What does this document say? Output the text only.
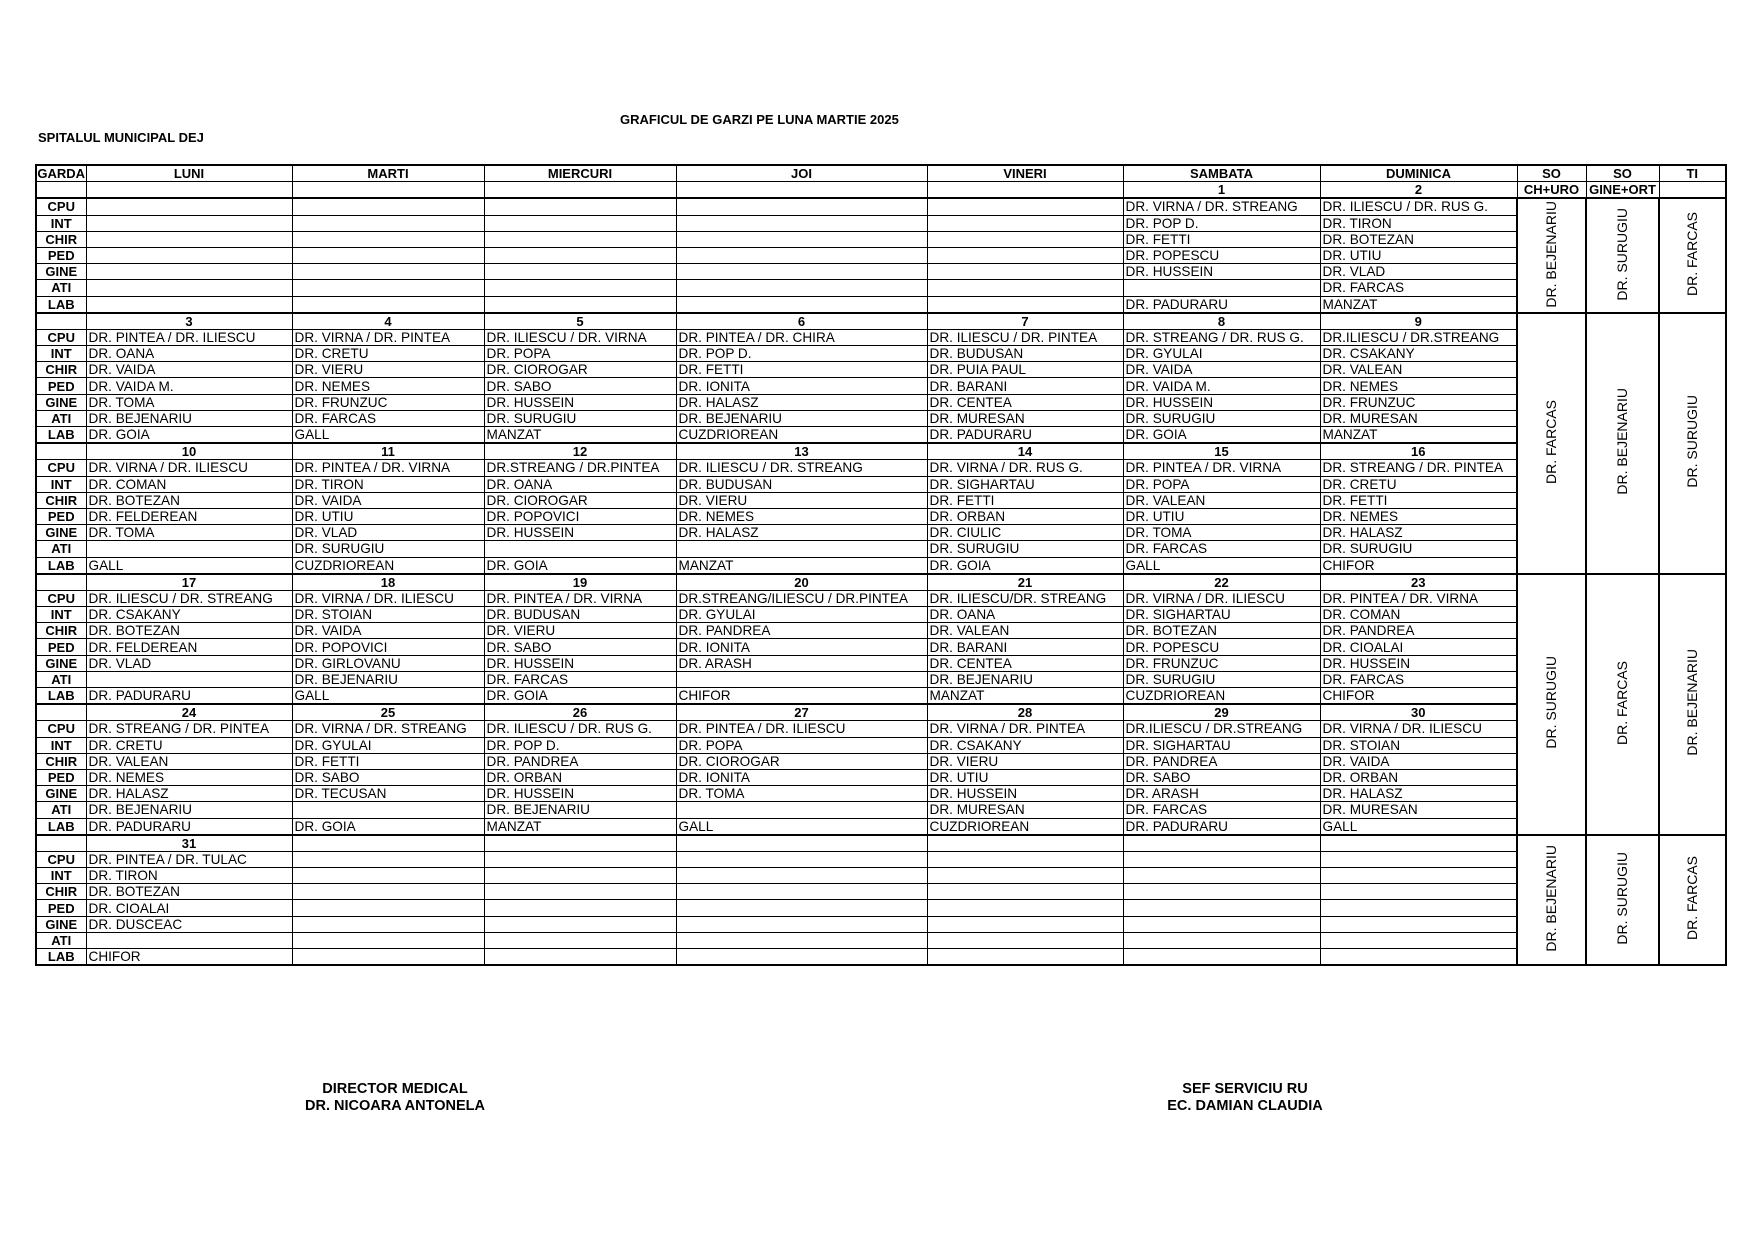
GRAFICUL DE GARZI PE LUNA MARTIE 2025
SPITALUL MUNICIPAL DEJ
GARDA	LUNI	MARTI	MIERCURI	JOI	VINERI	SAMBATA	DUMINICA	SO	SO	TI
						1	2	CH+URO	GINE+ORT	
CPU						DR. VIRNA / DR. STREANG	DR. ILIESCU / DR. RUS G.	DR. BEJENARIU	DR. SURUGIU	DR. FARCAS
INT						DR. POP D.	DR. TIRON			
CHIR						DR. FETTI	DR. BOTEZAN			
PED						DR. POPESCU	DR. UTIU			
GINE						DR. HUSSEIN	DR. VLAD			
ATI							DR. FARCAS			
LAB						DR. PADURARU	MANZAT			
	3	4	5	6	7	8	9	DR. FARCAS	DR. BEJENARIU	DR. SURUGIU
CPU	DR. PINTEA / DR. ILIESCU	DR. VIRNA / DR. PINTEA	DR. ILIESCU / DR. VIRNA	DR. PINTEA / DR. CHIRA	DR. ILIESCU / DR. PINTEA	DR. STREANG / DR. RUS G.	DR.ILIESCU / DR.STREANG			
INT	DR. OANA	DR. CRETU	DR. POPA	DR. POP D.	DR. BUDUSAN	DR. GYULAI	DR. CSAKANY			
CHIR	DR. VAIDA	DR. VIERU	DR. CIOROGAR	DR. FETTI	DR. PUIA PAUL	DR. VAIDA	DR. VALEAN			
PED	DR. VAIDA M.	DR. NEMES	DR. SABO	DR. IONITA	DR. BARANI	DR. VAIDA M.	DR. NEMES			
GINE	DR. TOMA	DR. FRUNZUC	DR. HUSSEIN	DR. HALASZ	DR. CENTEA	DR. HUSSEIN	DR. FRUNZUC			
ATI	DR. BEJENARIU	DR. FARCAS	DR. SURUGIU	DR. BEJENARIU	DR. MURESAN	DR. SURUGIU	DR. MURESAN			
LAB	DR. GOIA	GALL	MANZAT	CUZDRIOREAN	DR. PADURARU	DR. GOIA	MANZAT			
	10	11	12	13	14	15	16			
CPU	DR. VIRNA / DR. ILIESCU	DR. PINTEA / DR. VIRNA	DR.STREANG / DR.PINTEA	DR. ILIESCU / DR. STREANG	DR. VIRNA / DR. RUS G.	DR. PINTEA / DR. VIRNA	DR. STREANG / DR. PINTEA			
INT	DR. COMAN	DR. TIRON	DR. OANA	DR. BUDUSAN	DR. SIGHARTAU	DR. POPA	DR. CRETU			
CHIR	DR. BOTEZAN	DR. VAIDA	DR. CIOROGAR	DR. VIERU	DR. FETTI	DR. VALEAN	DR. FETTI			
PED	DR. FELDEREAN	DR. UTIU	DR. POPOVICI	DR. NEMES	DR. ORBAN	DR. UTIU	DR. NEMES			
GINE	DR. TOMA	DR. VLAD	DR. HUSSEIN	DR. HALASZ	DR. CIULIC	DR. TOMA	DR. HALASZ			
ATI		DR. SURUGIU			DR. SURUGIU	DR. FARCAS	DR. SURUGIU			
LAB	GALL	CUZDRIOREAN	DR. GOIA	MANZAT	DR. GOIA	GALL	CHIFOR			
	17	18	19	20	21	22	23	DR. SURUGIU	DR. FARCAS	DR. BEJENARIU
CPU	DR. ILIESCU / DR. STREANG	DR. VIRNA / DR. ILIESCU	DR. PINTEA / DR. VIRNA	DR.STREANG/ILIESCU / DR.PINTEA	DR. ILIESCU/DR. STREANG	DR. VIRNA / DR. ILIESCU	DR. PINTEA / DR. VIRNA			
INT	DR. CSAKANY	DR. STOIAN	DR. BUDUSAN	DR. GYULAI	DR. OANA	DR. SIGHARTAU	DR. COMAN			
CHIR	DR. BOTEZAN	DR. VAIDA	DR. VIERU	DR. PANDREA	DR. VALEAN	DR. BOTEZAN	DR. PANDREA			
PED	DR. FELDEREAN	DR. POPOVICI	DR. SABO	DR. IONITA	DR. BARANI	DR. POPESCU	DR. CIOALAI			
GINE	DR. VLAD	DR. GIRLOVANU	DR. HUSSEIN	DR. ARASH	DR. CENTEA	DR. FRUNZUC	DR. HUSSEIN			
ATI		DR. BEJENARIU	DR. FARCAS		DR. BEJENARIU	DR. SURUGIU	DR. FARCAS			
LAB	DR. PADURARU	GALL	DR. GOIA	CHIFOR	MANZAT	CUZDRIOREAN	CHIFOR			
	24	25	26	27	28	29	30			
CPU	DR. STREANG / DR. PINTEA	DR. VIRNA / DR. STREANG	DR. ILIESCU / DR. RUS G.	DR. PINTEA / DR. ILIESCU	DR. VIRNA / DR. PINTEA	DR.ILIESCU / DR.STREANG	DR. VIRNA / DR. ILIESCU			
INT	DR. CRETU	DR. GYULAI	DR. POP D.	DR. POPA	DR. CSAKANY	DR. SIGHARTAU	DR. STOIAN			
CHIR	DR. VALEAN	DR. FETTI	DR. PANDREA	DR. CIOROGAR	DR. VIERU	DR. PANDREA	DR. VAIDA			
PED	DR. NEMES	DR. SABO	DR. ORBAN	DR. IONITA	DR. UTIU	DR. SABO	DR. ORBAN			
GINE	DR. HALASZ	DR. TECUSAN	DR. HUSSEIN	DR. TOMA	DR. HUSSEIN	DR. ARASH	DR. HALASZ			
ATI	DR. BEJENARIU		DR. BEJENARIU		DR. MURESAN	DR. FARCAS	DR. MURESAN			
LAB	DR. PADURARU	DR. GOIA	MANZAT	GALL	CUZDRIOREAN	DR. PADURARU	GALL			
	31							DR. BEJENARIU	DR. SURUGIU	DR. FARCAS
CPU	DR. PINTEA / DR. TULAC									
INT	DR. TIRON									
CHIR	DR. BOTEZAN									
PED	DR. CIOALAI									
GINE	DR. DUSCEAC									
ATI										
LAB	CHIFOR									
DIRECTOR MEDICAL
DR. NICOARA ANTONELA
SEF SERVICIU RU
EC. DAMIAN CLAUDIA
